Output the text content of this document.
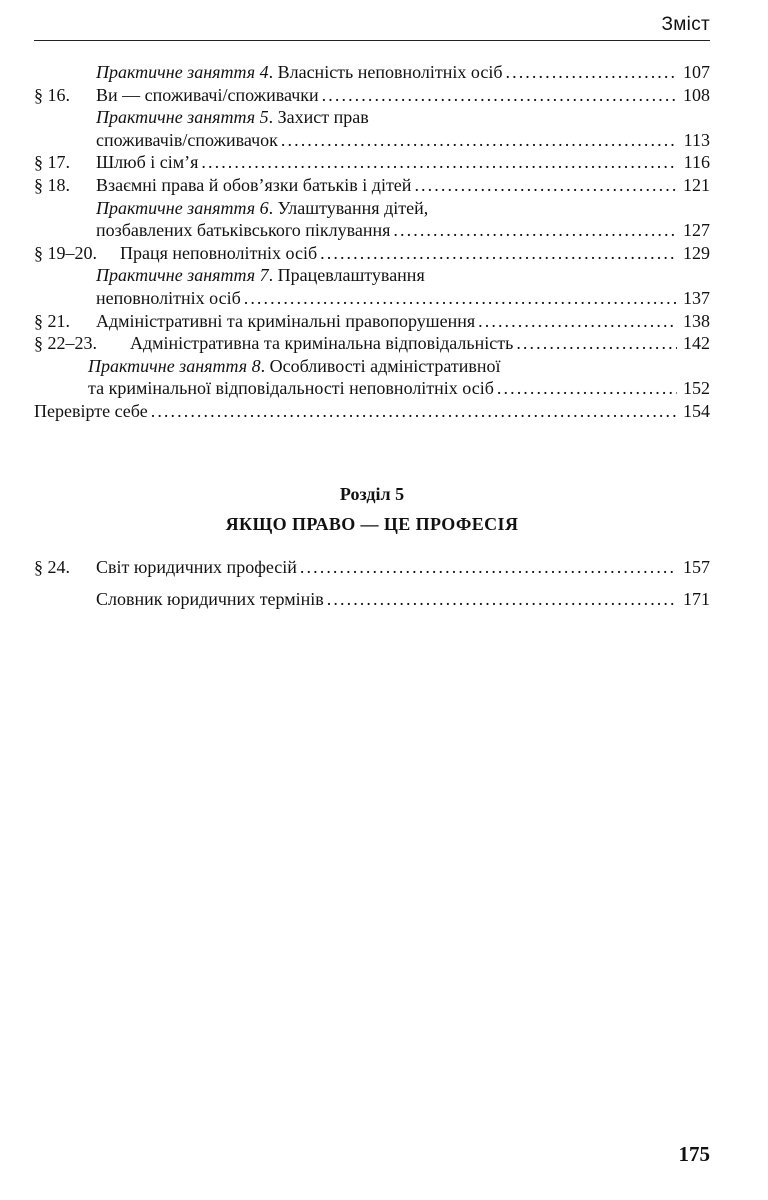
Зміст
Практичне заняття 4. Власність неповнолітніх осіб . . .	107
§ 16. Ви — споживачі/споживачки . . .	108
Практичне заняття 5. Захист прав
споживачів/споживачок . . .	113
§ 17. Шлюб і сім’я . . .	116
§ 18. Взаємні права й обов’язки батьків і дітей . . .	121
Практичне заняття 6. Улаштування дітей,
позбавлених батьківського піклування . . .	127
§ 19–20. Праця неповнолітніх осіб . . .	129
Практичне заняття 7. Працевлаштування
неповнолітніх осіб . . .	137
§ 21. Адміністративні та кримінальні правопорушення . . .	138
§ 22–23. Адміністративна та кримінальна відповідальність . . .	142
Практичне заняття 8. Особливості адміністративної
та кримінальної відповідальності неповнолітніх осіб . . .	152
Перевірте себе . . .	154
Розділ 5
ЯКЩО ПРАВО — ЦЕ ПРОФЕСІЯ
§ 24. Світ юридичних професій . . .	157
Словник юридичних термінів . . .	171
175
